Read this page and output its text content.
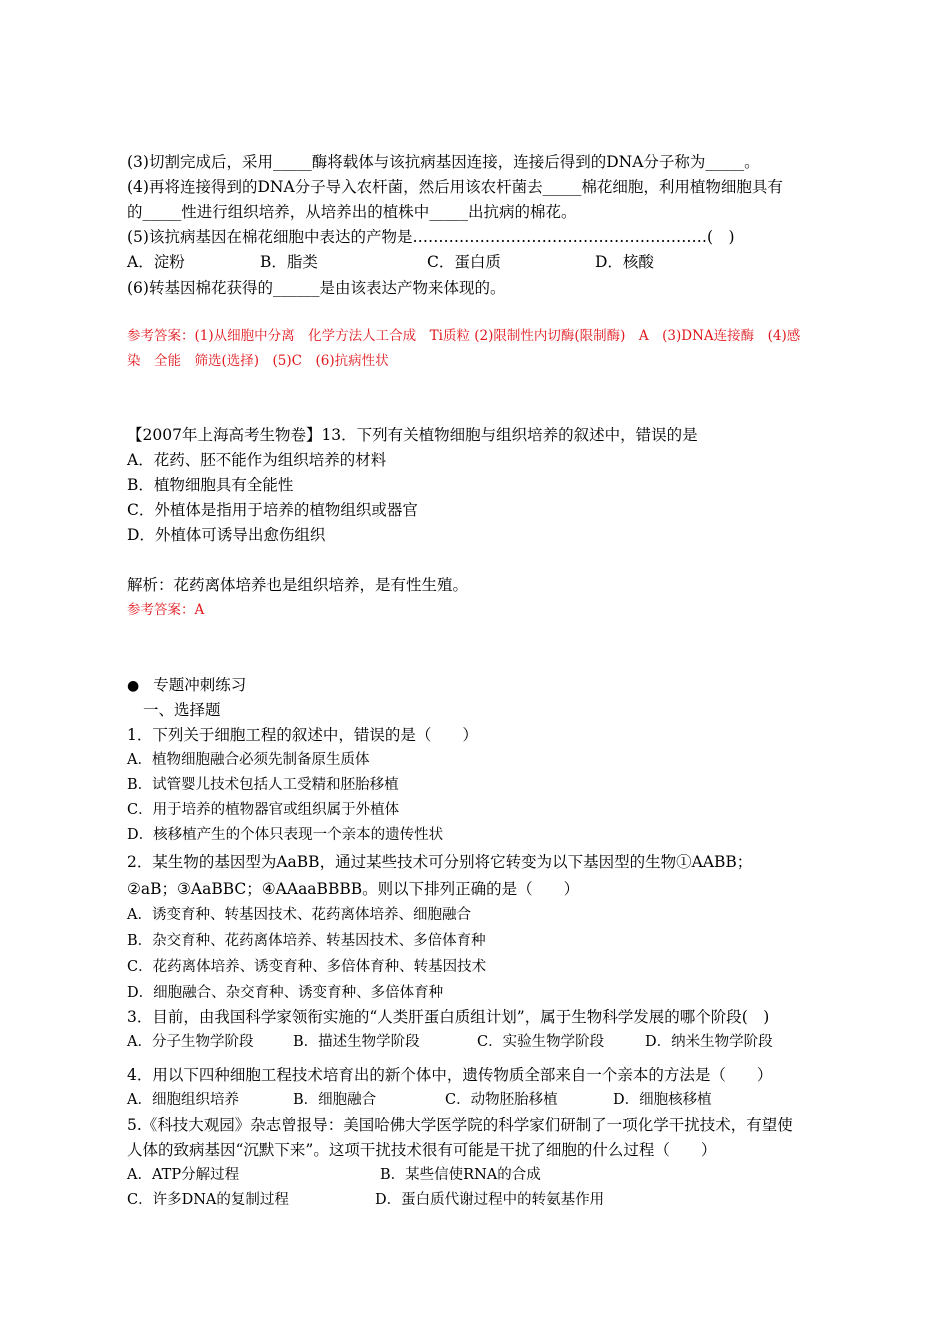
(3)切割完成后，采用_____酶将载体与该抗病基因连接，连接后得到的DNA分子称为_____。
(4)再将连接得到的DNA分子导入农杆菌，然后用该农杆菌去_____棉花细胞，利用植物细胞具有
的_____性进行组织培养，从培养出的植株中_____出抗病的棉花。
(5)该抗病基因在棉花细胞中表达的产物是…………………………………………………(　)
A．淀粉	B．脂类	C．蛋白质	D．核酸
(6)转基因棉花获得的______是由该表达产物来体现的。
参考答案：(1)从细胞中分离　化学方法人工合成　Ti质粒 (2)限制性内切酶(限制酶)　A　(3)DNA连接酶　(4)感
染　全能　筛选(选择)　(5)C　(6)抗病性状
【2007年上海高考生物卷】13．下列有关植物细胞与组织培养的叙述中，错误的是
A．花药、胚不能作为组织培养的材料
B．植物细胞具有全能性
C．外植体是指用于培养的植物组织或器官
D．外植体可诱导出愈伤组织
解析：花药离体培养也是组织培养，是有性生殖。
参考答案：A
● 专题冲刺练习
一、选择题
1．下列关于细胞工程的叙述中，错误的是（　　）
A．植物细胞融合必须先制备原生质体
B．试管婴儿技术包括人工受精和胚胎移植
C．用于培养的植物器官或组织属于外植体
D．核移植产生的个体只表现一个亲本的遗传性状
2．某生物的基因型为AaBB，通过某些技术可分别将它转变为以下基因型的生物①AABB；
②aB；③AaBBC；④AAaaBBBB。则以下排列正确的是（　　）
A．诱变育种、转基因技术、花药离体培养、细胞融合
B．杂交育种、花药离体培养、转基因技术、多倍体育种
C．花药离体培养、诱变育种、多倍体育种、转基因技术
D．细胞融合、杂交育种、诱变育种、多倍体育种
3．目前，由我国科学家领衔实施的“人类肝蛋白质组计划”，属于生物科学发展的哪个阶段(　)
A．分子生物学阶段	B．描述生物学阶段	C．实验生物学阶段	D．纳米生物学阶段
4．用以下四种细胞工程技术培育出的新个体中，遗传物质全部来自一个亲本的方法是（　　）
A．细胞组织培养	B．细胞融合	C．动物胚胎移植	D．细胞核移植
5.《科技大观园》杂志曾报导：美国哈佛大学医学院的科学家们研制了一项化学干扰技术，有望使
人体的致病基因“沉默下来”。这项干扰技术很有可能是干扰了细胞的什么过程（　　）
A．ATP分解过程	B．某些信使RNA的合成
C．许多DNA的复制过程	D．蛋白质代谢过程中的转氨基作用
